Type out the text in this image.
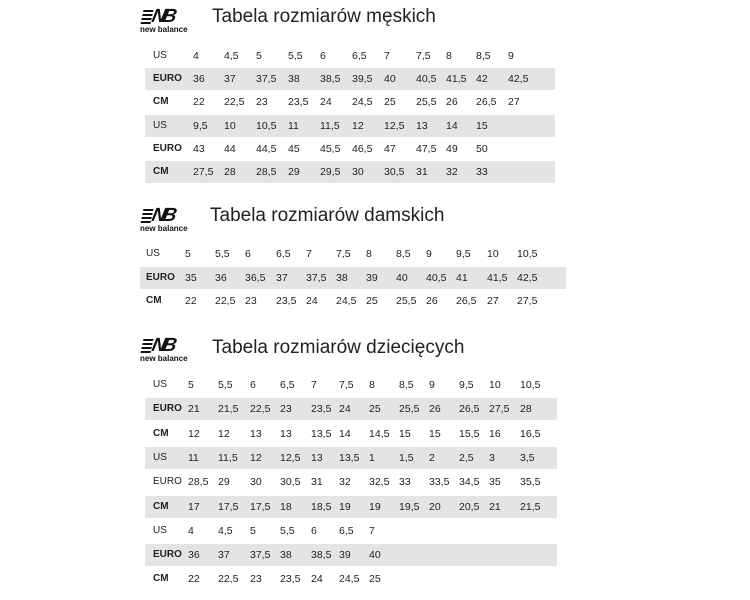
NB
new balance
Tabela rozmiarów męskich
US 4 4,5 5 5,5 6 6,5 7 7,5 8 8,5 9
EURO 36 37 37,5 38 38,5 39,5 40 40,5 41,5 42 42,5
CM 22 22,5 23 23,5 24 24,5 25 25,5 26 26,5 27
US 9,5 10 10,5 11 11,5 12 12,5 13 14 15
EURO 43 44 44,5 45 45,5 46,5 47 47,5 49 50
CM 27,5 28 28,5 29 29,5 30 30,5 31 32 33
NB
new balance
Tabela rozmiarów damskich
US 5 5,5 6 6,5 7 7,5 8 8,5 9 9,5 10 10,5
EURO 35 36 36,5 37 37,5 38 39 40 40,5 41 41,5 42,5
CM 22 22,5 23 23,5 24 24,5 25 25,5 26 26,5 27 27,5
NB
new balance
Tabela rozmiarów dziecięcych
US 5 5,5 6 6,5 7 7,5 8 8,5 9 9,5 10 10,5
EURO 21 21,5 22,5 23 23,5 24 25 25,5 26 26,5 27,5 28
CM 12 12 13 13 13,5 14 14,5 15 15 15,5 16 16,5
US 11 11,5 12 12,5 13 13,5 1 1,5 2 2,5 3 3,5
EURO 28,5 29 30 30,5 31 32 32,5 33 33,5 34,5 35 35,5
CM 17 17,5 17,5 18 18,5 19 19 19,5 20 20,5 21 21,5
US 4 4,5 5 5,5 6 6,5 7
EURO 36 37 37,5 38 38,5 39 40
CM 22 22,5 23 23,5 24 24,5 25
